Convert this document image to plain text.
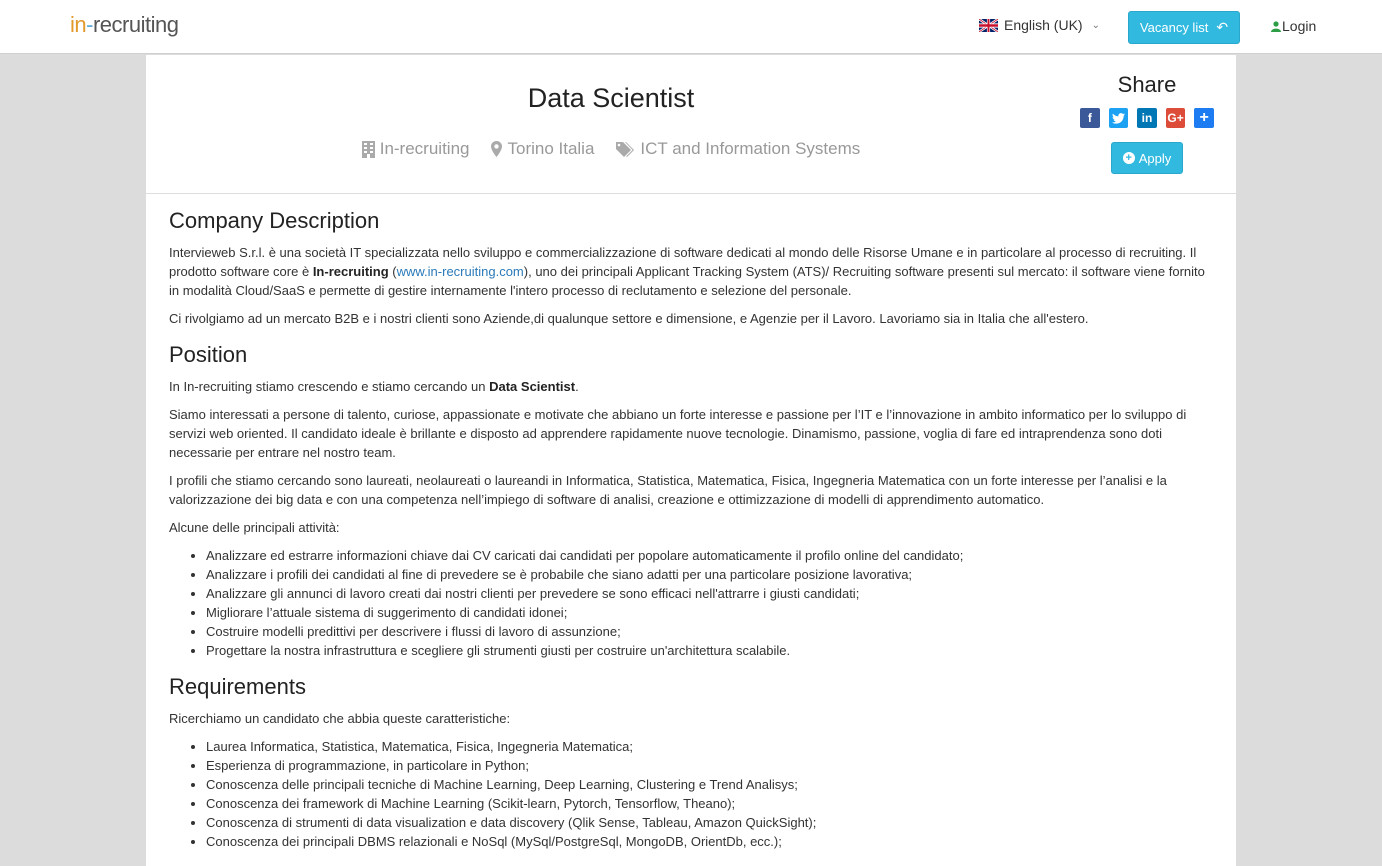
in-recruiting	English (UK) ⌄	Vacancy list ↶	Login
Data Scientist
In-recruiting Torino Italia	ICT and Information Systems
Share
f	in	G+ +
+ Apply
Company Description

Intervieweb S.r.l. è una società IT specializzata nello sviluppo e commercializzazione di software dedicati al mondo delle Risorse Umane e in particolare al processo di recruiting. Il prodotto software core è In-recruiting (www.in-recruiting.com), uno dei principali Applicant Tracking System (ATS)/ Recruiting software presenti sul mercato: il software viene fornito in modalità Cloud/SaaS e permette di gestire internamente l'intero processo di reclutamento e selezione del personale.

Ci rivolgiamo ad un mercato B2B e i nostri clienti sono Aziende,di qualunque settore e dimensione, e Agenzie per il Lavoro. Lavoriamo sia in Italia che all'estero.

Position

In In-recruiting stiamo crescendo e stiamo cercando un Data Scientist.

Siamo interessati a persone di talento, curiose, appassionate e motivate che abbiano un forte interesse e passione per l’IT e l’innovazione in ambito informatico per lo sviluppo di servizi web oriented. Il candidato ideale è brillante e disposto ad apprendere rapidamente nuove tecnologie. Dinamismo, passione, voglia di fare ed intraprendenza sono doti necessarie per entrare nel nostro team.

I profili che stiamo cercando sono laureati, neolaureati o laureandi in Informatica, Statistica, Matematica, Fisica, Ingegneria Matematica con un forte interesse per l’analisi e la valorizzazione dei big data e con una competenza nell’impiego di software di analisi, creazione e ottimizzazione di modelli di apprendimento automatico.

Alcune delle principali attività:

• Analizzare ed estrarre informazioni chiave dai CV caricati dai candidati per popolare automaticamente il profilo online del candidato;
• Analizzare i profili dei candidati al fine di prevedere se è probabile che siano adatti per una particolare posizione lavorativa;
• Analizzare gli annunci di lavoro creati dai nostri clienti per prevedere se sono efficaci nell'attrarre i giusti candidati;
• Migliorare l’attuale sistema di suggerimento di candidati idonei;
• Costruire modelli predittivi per descrivere i flussi di lavoro di assunzione;
• Progettare la nostra infrastruttura e scegliere gli strumenti giusti per costruire un'architettura scalabile.
Requirements

Ricerchiamo un candidato che abbia queste caratteristiche:

• Laurea Informatica, Statistica, Matematica, Fisica, Ingegneria Matematica;
• Esperienza di programmazione, in particolare in Python;
• Conoscenza delle principali tecniche di Machine Learning, Deep Learning, Clustering e Trend Analisys;
• Conoscenza dei framework di Machine Learning (Scikit-learn, Pytorch, Tensorflow, Theano);
• Conoscenza di strumenti di data visualization e data discovery (Qlik Sense, Tableau, Amazon QuickSight);
• Conoscenza dei principali DBMS relazionali e NoSql (MySql/PostgreSql, MongoDB, OrientDb, ecc.);
